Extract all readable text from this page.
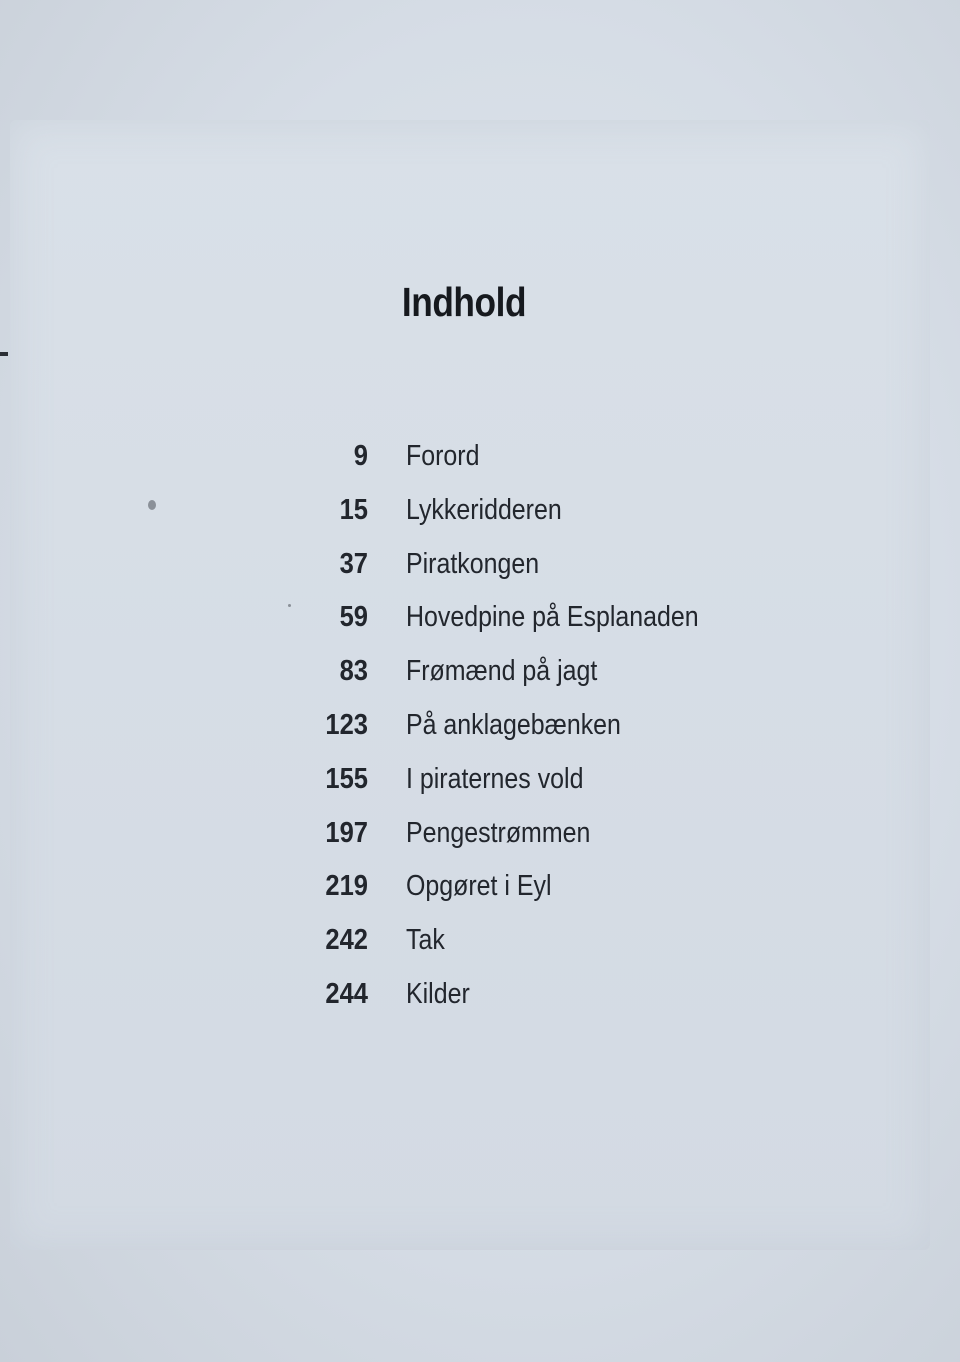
Indhold
9 Forord
15 Lykkeridderen
37 Piratkongen
59 Hovedpine på Esplanaden
83 Frømænd på jagt
123 På anklagebænken
155 I piraternes vold
197 Pengestrømmen
219 Opgøret i Eyl
242 Tak
244 Kilder
